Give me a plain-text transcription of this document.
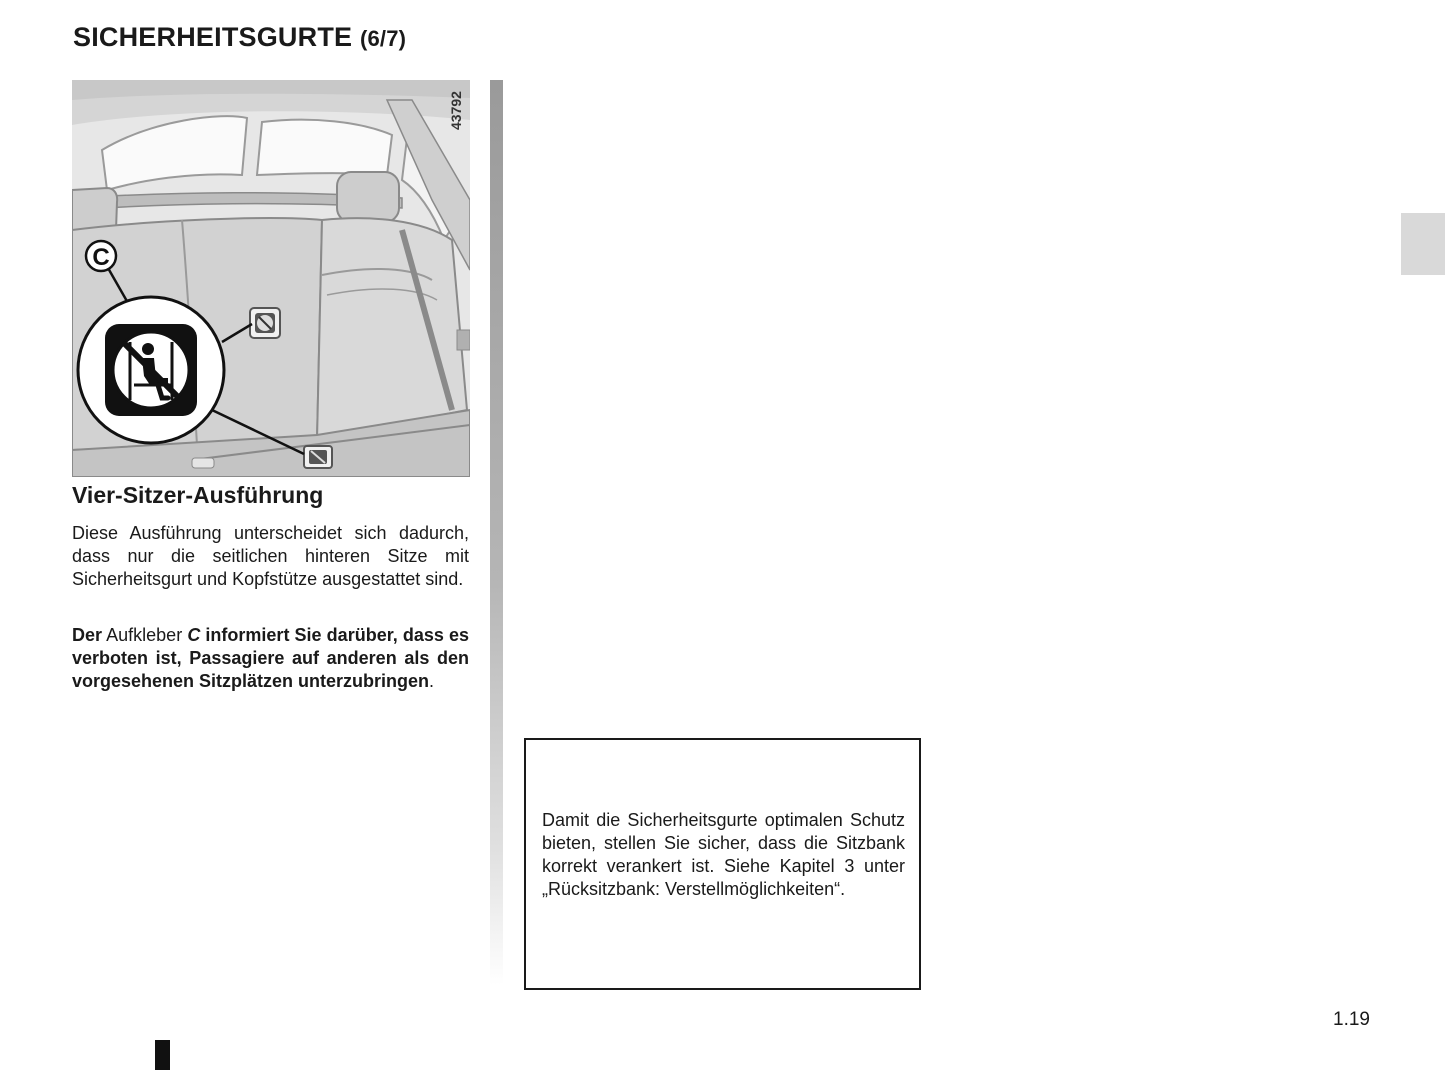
SICHERHEITSGURTE (6/7)
C
43792
Vier-Sitzer-Ausführung

Diese Ausführung unterscheidet sich dadurch, dass nur die seitlichen hinteren Sitze mit Sicherheitsgurt und Kopfstütze ausgestattet sind.

Der Aufkleber C informiert Sie darüber, dass es verboten ist, Passagiere auf anderen als den vorgesehenen Sitzplätzen unterzubringen.

Damit die Sicherheitsgurte optimalen Schutz bieten, stellen Sie sicher, dass die Sitzbank korrekt verankert ist. Siehe Kapitel 3 unter „Rücksitzbank: Verstellmöglichkeiten“.

1.19
